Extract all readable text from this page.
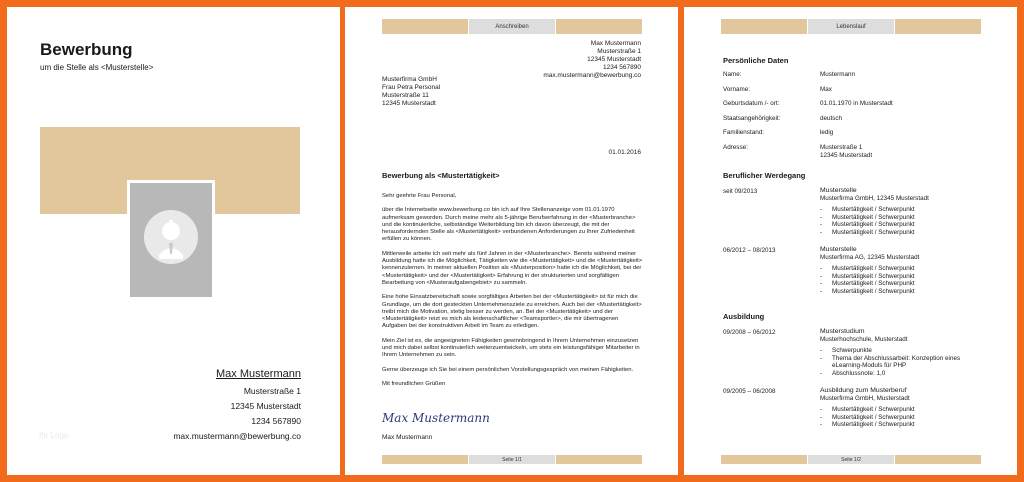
Bewerbung
um die Stelle als <Musterstelle>
Max Mustermann
Musterstraße 1
12345 Musterstadt
1234 567890
max.mustermann@bewerbung.co
Ihr Logo
Anschreiben
Max Mustermann
Musterstraße 1
12345 Musterstadt
1234 567890
max.mustermann@bewerbung.co
Musterfirma GmbH
Frau Petra Personal
Musterstraße 11
12345 Musterstadt
01.01.2016
Bewerbung als <Mustertätigkeit>

Sehr geehrte Frau Personal,

über die Internetseite www.bewerbung.co bin ich auf Ihre Stellenanzeige vom 01.01.1970 aufmerksam geworden. Durch meine mehr als 5-jährige Berufserfahrung in der <Musterbranche> und die kontinuierliche, selbständige Weiterbildung bin ich davon überzeugt, die mit der herausfordernden Stelle als <Mustertätigkeit> verbundenen Anforderungen zu Ihrer Zufriedenheit erfüllen zu können.

Mittlerweile arbeite ich seit mehr als fünf Jahren in der <Musterbranche>. Bereits während meiner Ausbildung hatte ich die Möglichkeit, Tätigkeiten wie die <Mustertätigkeit> und die <Mustertätigkeit> kennenzulernen. In meiner aktuellen Position als <Musterposition> hatte ich die Möglichkeit, bei der <Mustertätigkeit> und der <Mustertätigkeit> Erfahrung in der strukturierten und sorgfältigen Bearbeitung von <Musteraufgabengebiet> zu sammeln.

Eine hohe Einsatzbereitschaft sowie sorgfältiges Arbeiten bei der <Mustertätigkeit> ist für mich die Grundlage, um die dort gesteckten Unternehmensziele zu erreichen. Auch bei der <Mustertätigkeit> treibt mich die Motivation, stetig besser zu werden, an. Bei der <Mustertätigkeit> und der <Mustertätigkeit> reizt es mich als leidenschaftlicher <Teamsportler>, die mir übertragenen Aufgaben bei der konstruktiven Arbeit im Team zu erledigen.

Mein Ziel ist es, die angeeigneten Fähigkeiten gewinnbringend in Ihrem Unternehmen einzusetzen und mich dabei selbst kontinuierlich weiterzuentwickeln, um stets ein leistungsfähiger Mitarbeiter in Ihrem Unternehmen zu sein.

Gerne überzeuge ich Sie bei einem persönlichen Vorstellungsgespräch von meinen Fähigkeiten.

Mit freundlichen Grüßen

Max Mustermann
Max Mustermann
Seite 1/1
Lebenslauf
Persönliche Daten
Name:	Mustermann
Vorname:	Max
Geburtsdatum /- ort:	01.01.1970 in Musterstadt
Staatsangehörigkeit:	deutsch
Familienstand:	ledig
Adresse:	Musterstraße 1
12345 Musterstadt
Beruflicher Werdegang
seit 09/2013	Musterstelle
Musterfirma GmbH, 12345 Musterstadt
- Mustertätigkeit / Schwerpunkt
- Mustertätigkeit / Schwerpunkt
- Mustertätigkeit / Schwerpunkt
- Mustertätigkeit / Schwerpunkt
06/2012 – 08/2013	Musterstelle
Musterfirma AG, 12345 Musterstadt
- Mustertätigkeit / Schwerpunkt
- Mustertätigkeit / Schwerpunkt
- Mustertätigkeit / Schwerpunkt
- Mustertätigkeit / Schwerpunkt
Ausbildung
09/2008 – 06/2012	Musterstudium
Musterhochschule, Musterstadt
- Schwerpunkte
- Thema der Abschlussarbeit: Konzeption eines eLearning-Moduls für PHP
- Abschlussnote: 1,0
09/2005 – 06/2008	Ausbildung zum Musterberuf
Musterfirma GmbH, Musterstadt
- Mustertätigkeit / Schwerpunkt
- Mustertätigkeit / Schwerpunkt
- Mustertätigkeit / Schwerpunkt
Seite 1/2
